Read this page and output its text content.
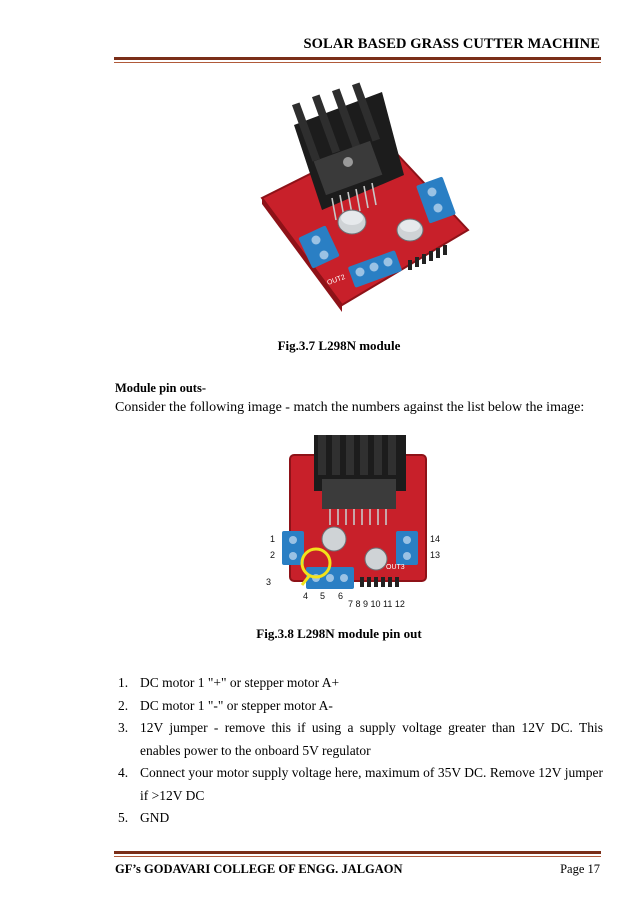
SOLAR BASED GRASS CUTTER MACHINE
OUT2
Fig.3.7 L298N module
Module pin outs-
Consider the following image - match the numbers against the list below the image:
OUT3
1
2
3
4 5 6
7 8 9 10 11 12
14
13
Fig.3.8 L298N module pin out
1. DC motor 1 "+" or stepper motor A+
2. DC motor 1 "-" or stepper motor A-
3. 12V jumper - remove this if using a supply voltage greater than 12V DC. This enables power to the onboard 5V regulator
4. Connect your motor supply voltage here, maximum of 35V DC. Remove 12V jumper if >12V DC
5. GND
GF’s GODAVARI COLLEGE OF ENGG. JALGAON	Page 17
